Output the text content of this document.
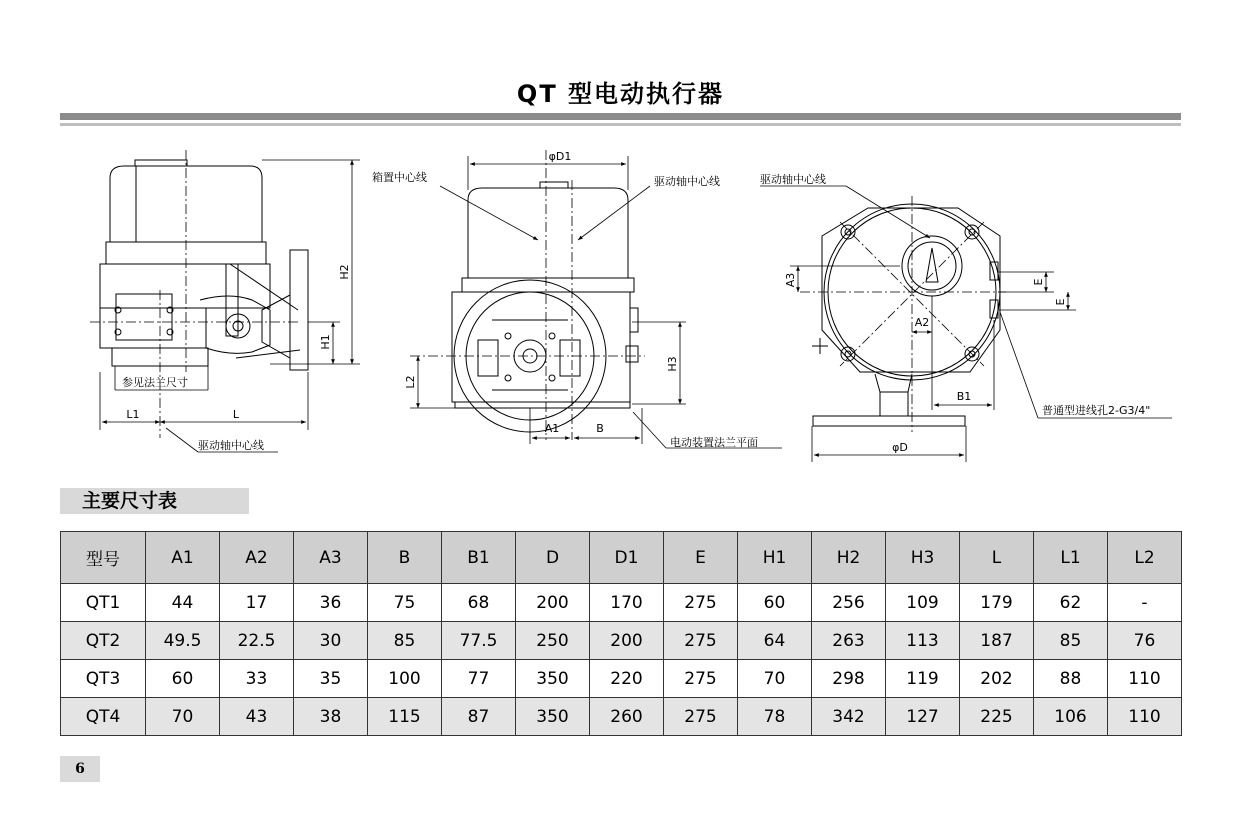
QT 型电动执行器
H2
H1
L1	L
参见法兰尺寸
驱动轴中心线
φD1
H3
L2
A1	B
箱置中心线	驱动轴中心线
电动装置法兰平面
A3
A2
B1
E
E
φD
驱动轴中心线
普通型进线孔2-G3/4"
主要尺寸表
型号	A1	A2	A3	B	B1	D	D1	E	H1	H2	H3	L	L1	L2
QT1	44	17	36	75	68	200	170	275	60	256	109	179	62	-
QT2	49.5	22.5	30	85	77.5	250	200	275	64	263	113	187	85	76
QT3	60	33	35	100	77	350	220	275	70	298	119	202	88	110
QT4	70	43	38	115	87	350	260	275	78	342	127	225	106	110
6
